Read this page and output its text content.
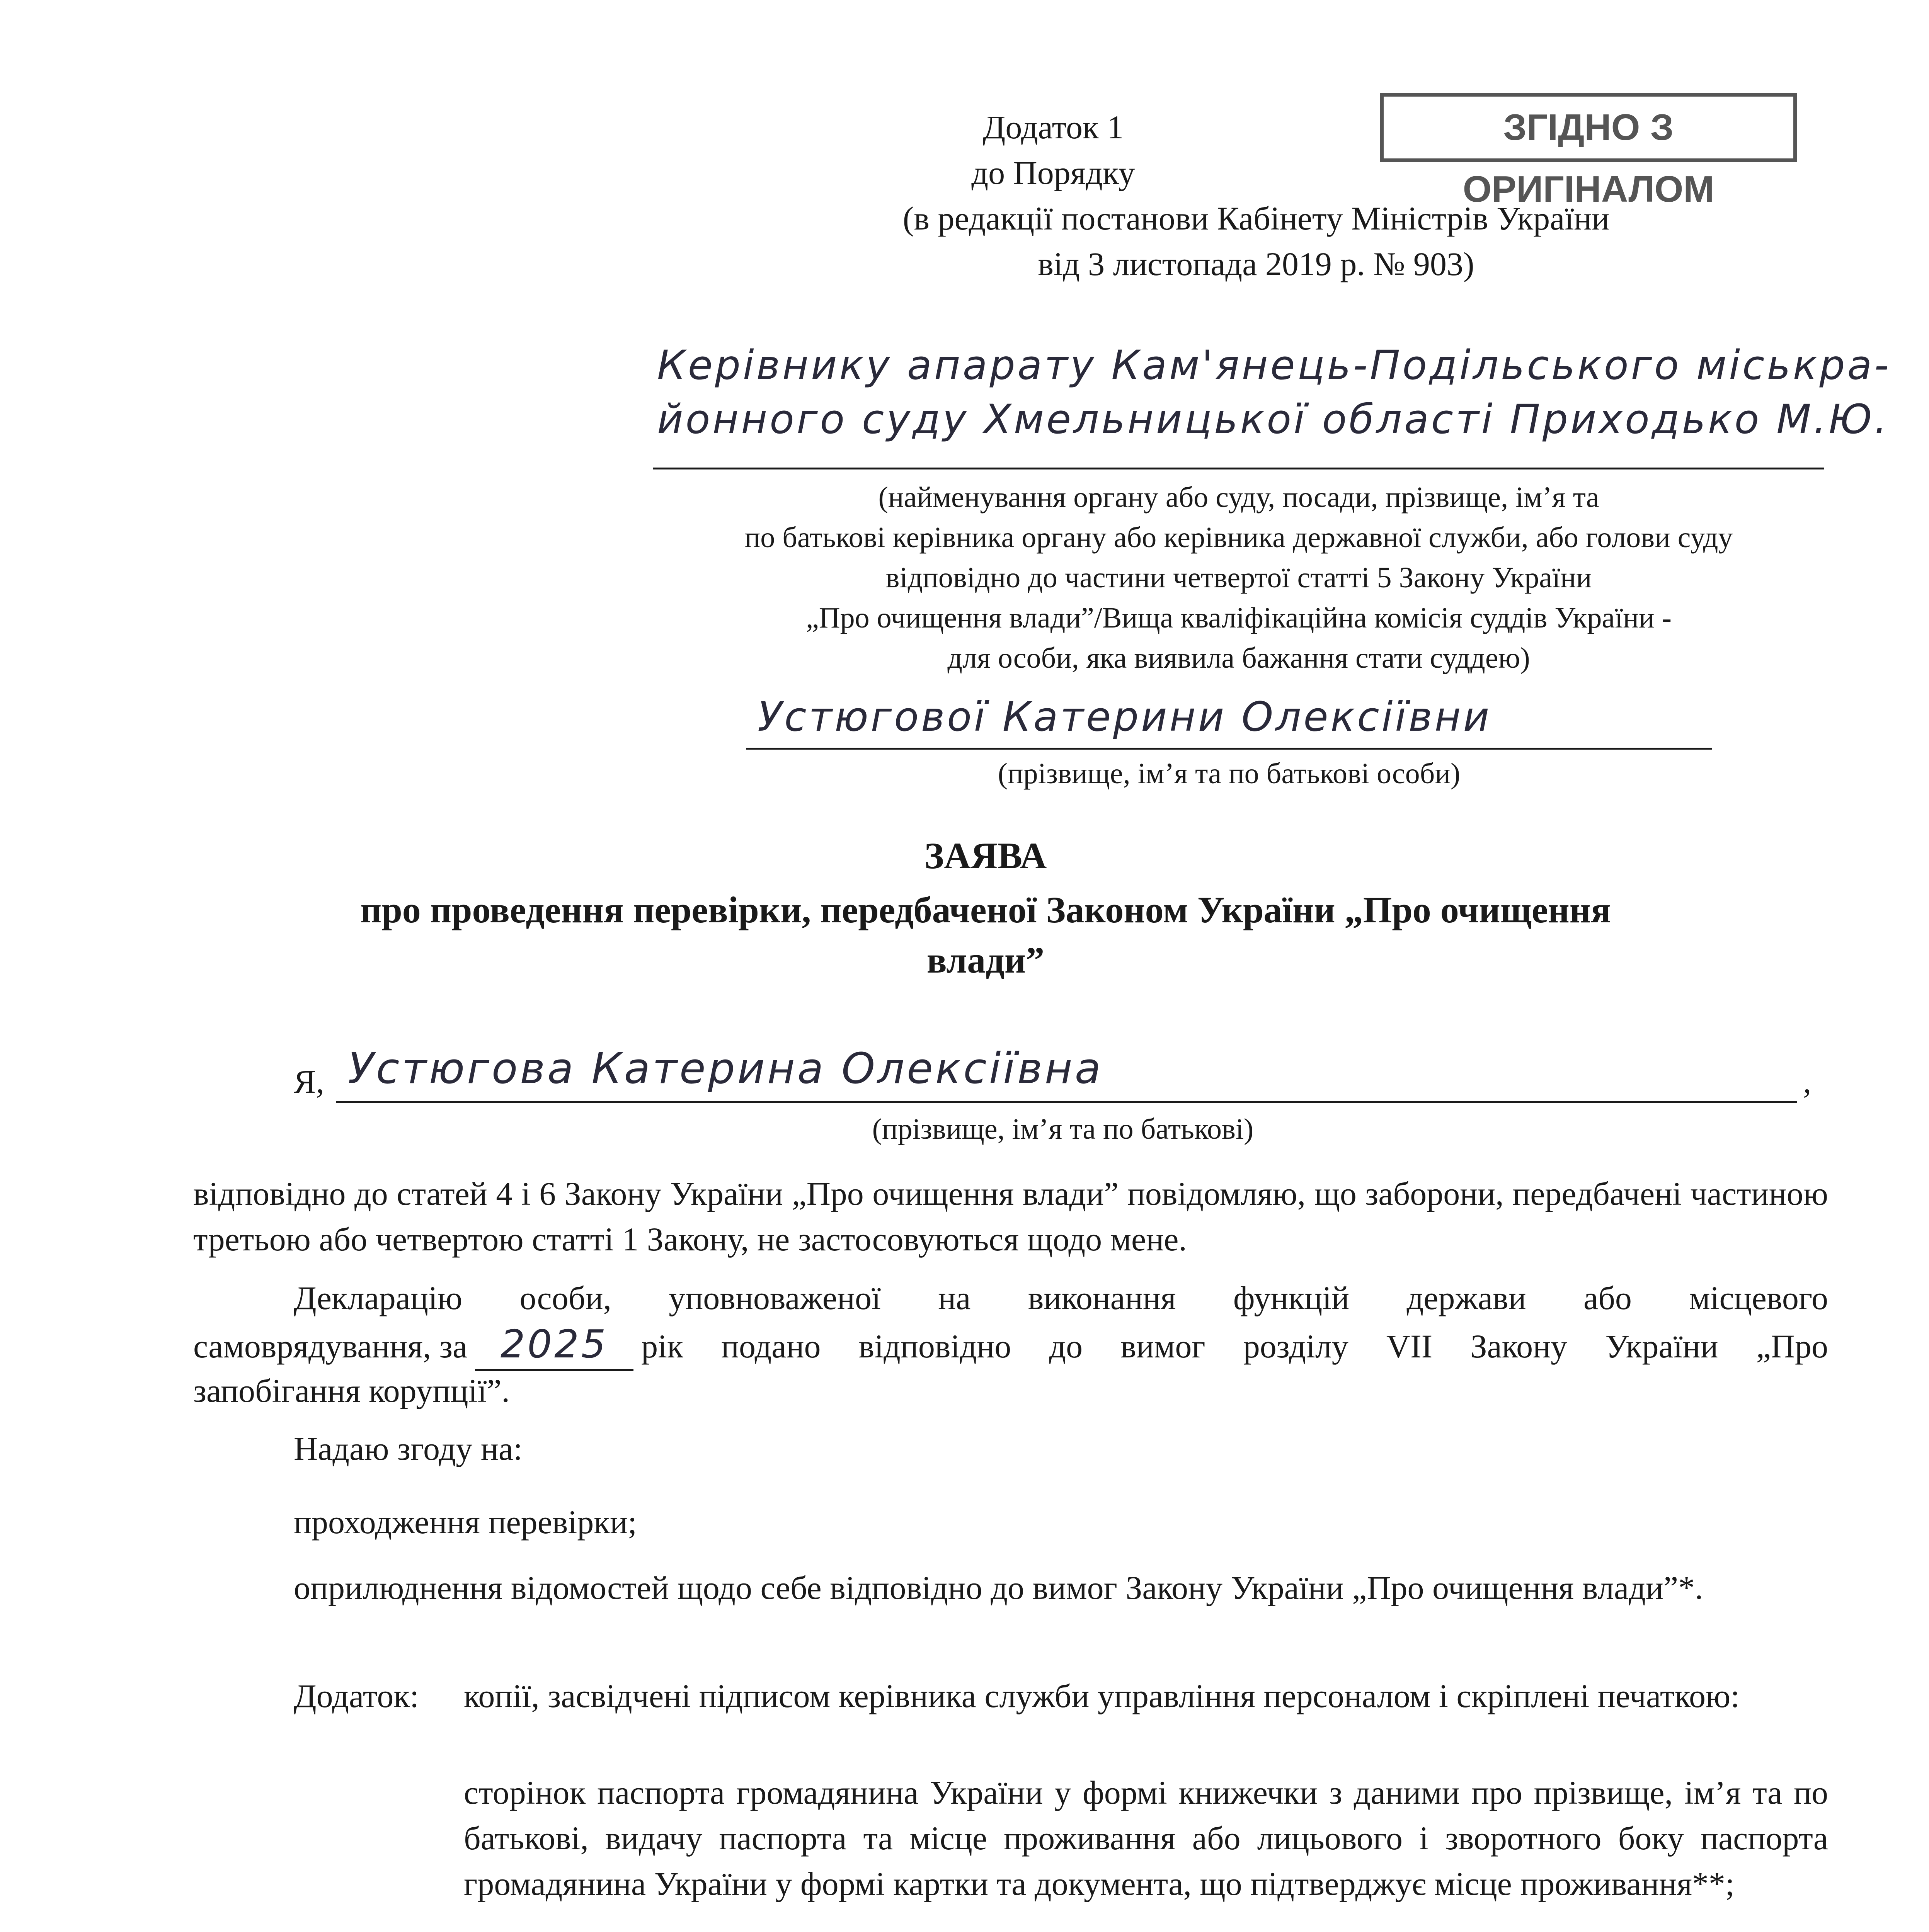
ЗГІДНО З ОРИГІНАЛОМ
Додаток 1
до Порядку
(в редакції постанови Кабінету Міністрів України
від 3 листопада 2019 р. № 903)
Керівнику апарату Кам'янець-Подільського міськра-
йонного суду Хмельницької області Приходько М.Ю.
(найменування органу або суду, посади, прізвище, ім’я та
по батькові керівника органу або керівника державної служби, або голови суду
відповідно до частини четвертої статті 5 Закону України
„Про очищення влади”/Вища кваліфікаційна комісія суддів України -
для особи, яка виявила бажання стати суддею)
Устюгової Катерини Олексіївни
(прізвище, ім’я та по батькові особи)
ЗАЯВА
про проведення перевірки, передбаченої Законом України „Про очищення
влади”
Я, Устюгова Катерина Олексіївна	,
(прізвище, ім’я та по батькові)
відповідно до статей 4 і 6 Закону України „Про очищення влади” повідомляю, що заборони, передбачені частиною третьою або четвертою статті 1 Закону, не застосовуються щодо мене.
Декларацію особи, уповноваженої на виконання функцій держави або місцевого
самоврядування, за 2025 рік подано відповідно до вимог розділу VII Закону України „Про
запобігання корупції”.
Надаю згоду на:
проходження перевірки;
оприлюднення відомостей щодо себе відповідно до вимог Закону України „Про очищення влади”*.
Додаток: копії, засвідчені підписом керівника служби управління персоналом і скріплені печаткою:
сторінок паспорта громадянина України у формі книжечки з даними про прізвище, ім’я та по батькові, видачу паспорта та місце проживання або лицьового і зворотного боку паспорта громадянина України у формі картки та документа, що підтверджує місце проживання**;
